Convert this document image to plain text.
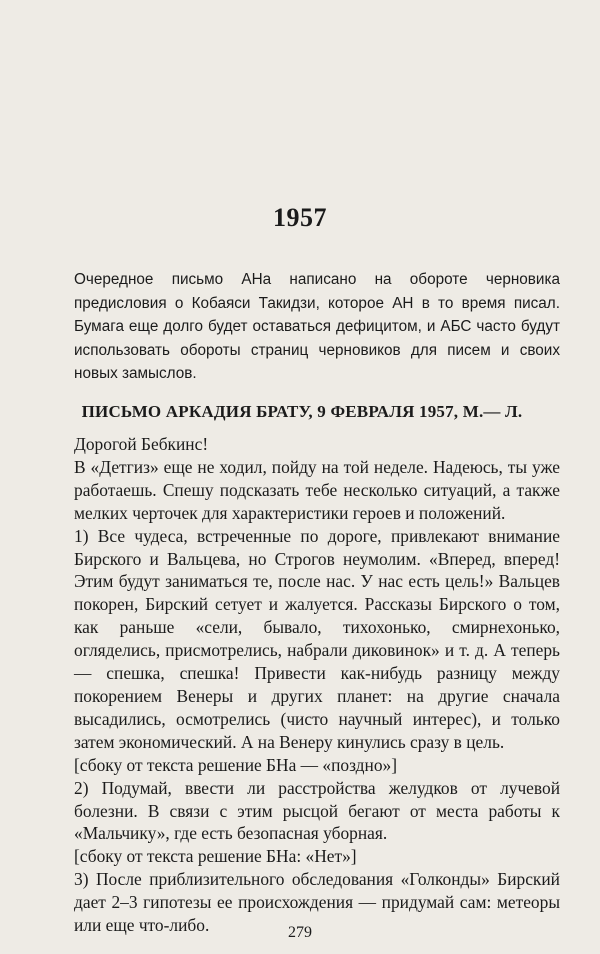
1957

Очередное письмо АНа написано на обороте черновика предисловия о Кобаяси Такидзи, которое АН в то время писал. Бумага еще долго будет оставаться дефицитом, и АБС часто будут использовать обороты страниц черновиков для писем и своих новых замыслов.

ПИСЬМО АРКАДИЯ БРАТУ, 9 ФЕВРАЛЯ 1957, М.— Л.

Дорогой Бебкинс!

В «Детгиз» еще не ходил, пойду на той неделе. Надеюсь, ты уже работаешь. Спешу подсказать тебе несколько ситуаций, а также мелких черточек для характеристики героев и положений.

1) Все чудеса, встреченные по дороге, привлекают внимание Бирского и Вальцева, но Строгов неумолим. «Вперед, вперед! Этим будут заниматься те, после нас. У нас есть цель!» Вальцев покорен, Бирский сетует и жалуется. Рассказы Бирского о том, как раньше «сели, бывало, тихохонько, смирнехонько, огляделись, присмотрелись, набрали диковинок» и т. д. А теперь — спешка, спешка! Привести как-нибудь разницу между покорением Венеры и других планет: на другие сначала высадились, осмотрелись (чисто научный интерес), и только затем экономический. А на Венеру кинулись сразу в цель.

[сбоку от текста решение БНа — «поздно»]

2) Подумай, ввести ли расстройства желудков от лучевой болезни. В связи с этим рысцой бегают от места работы к «Мальчику», где есть безопасная уборная.

[сбоку от текста решение БНа: «Нет»]

3) После приблизительного обследования «Голконды» Бирский дает 2–3 гипотезы ее происхождения — придумай сам: метеоры или еще что-либо.	279
